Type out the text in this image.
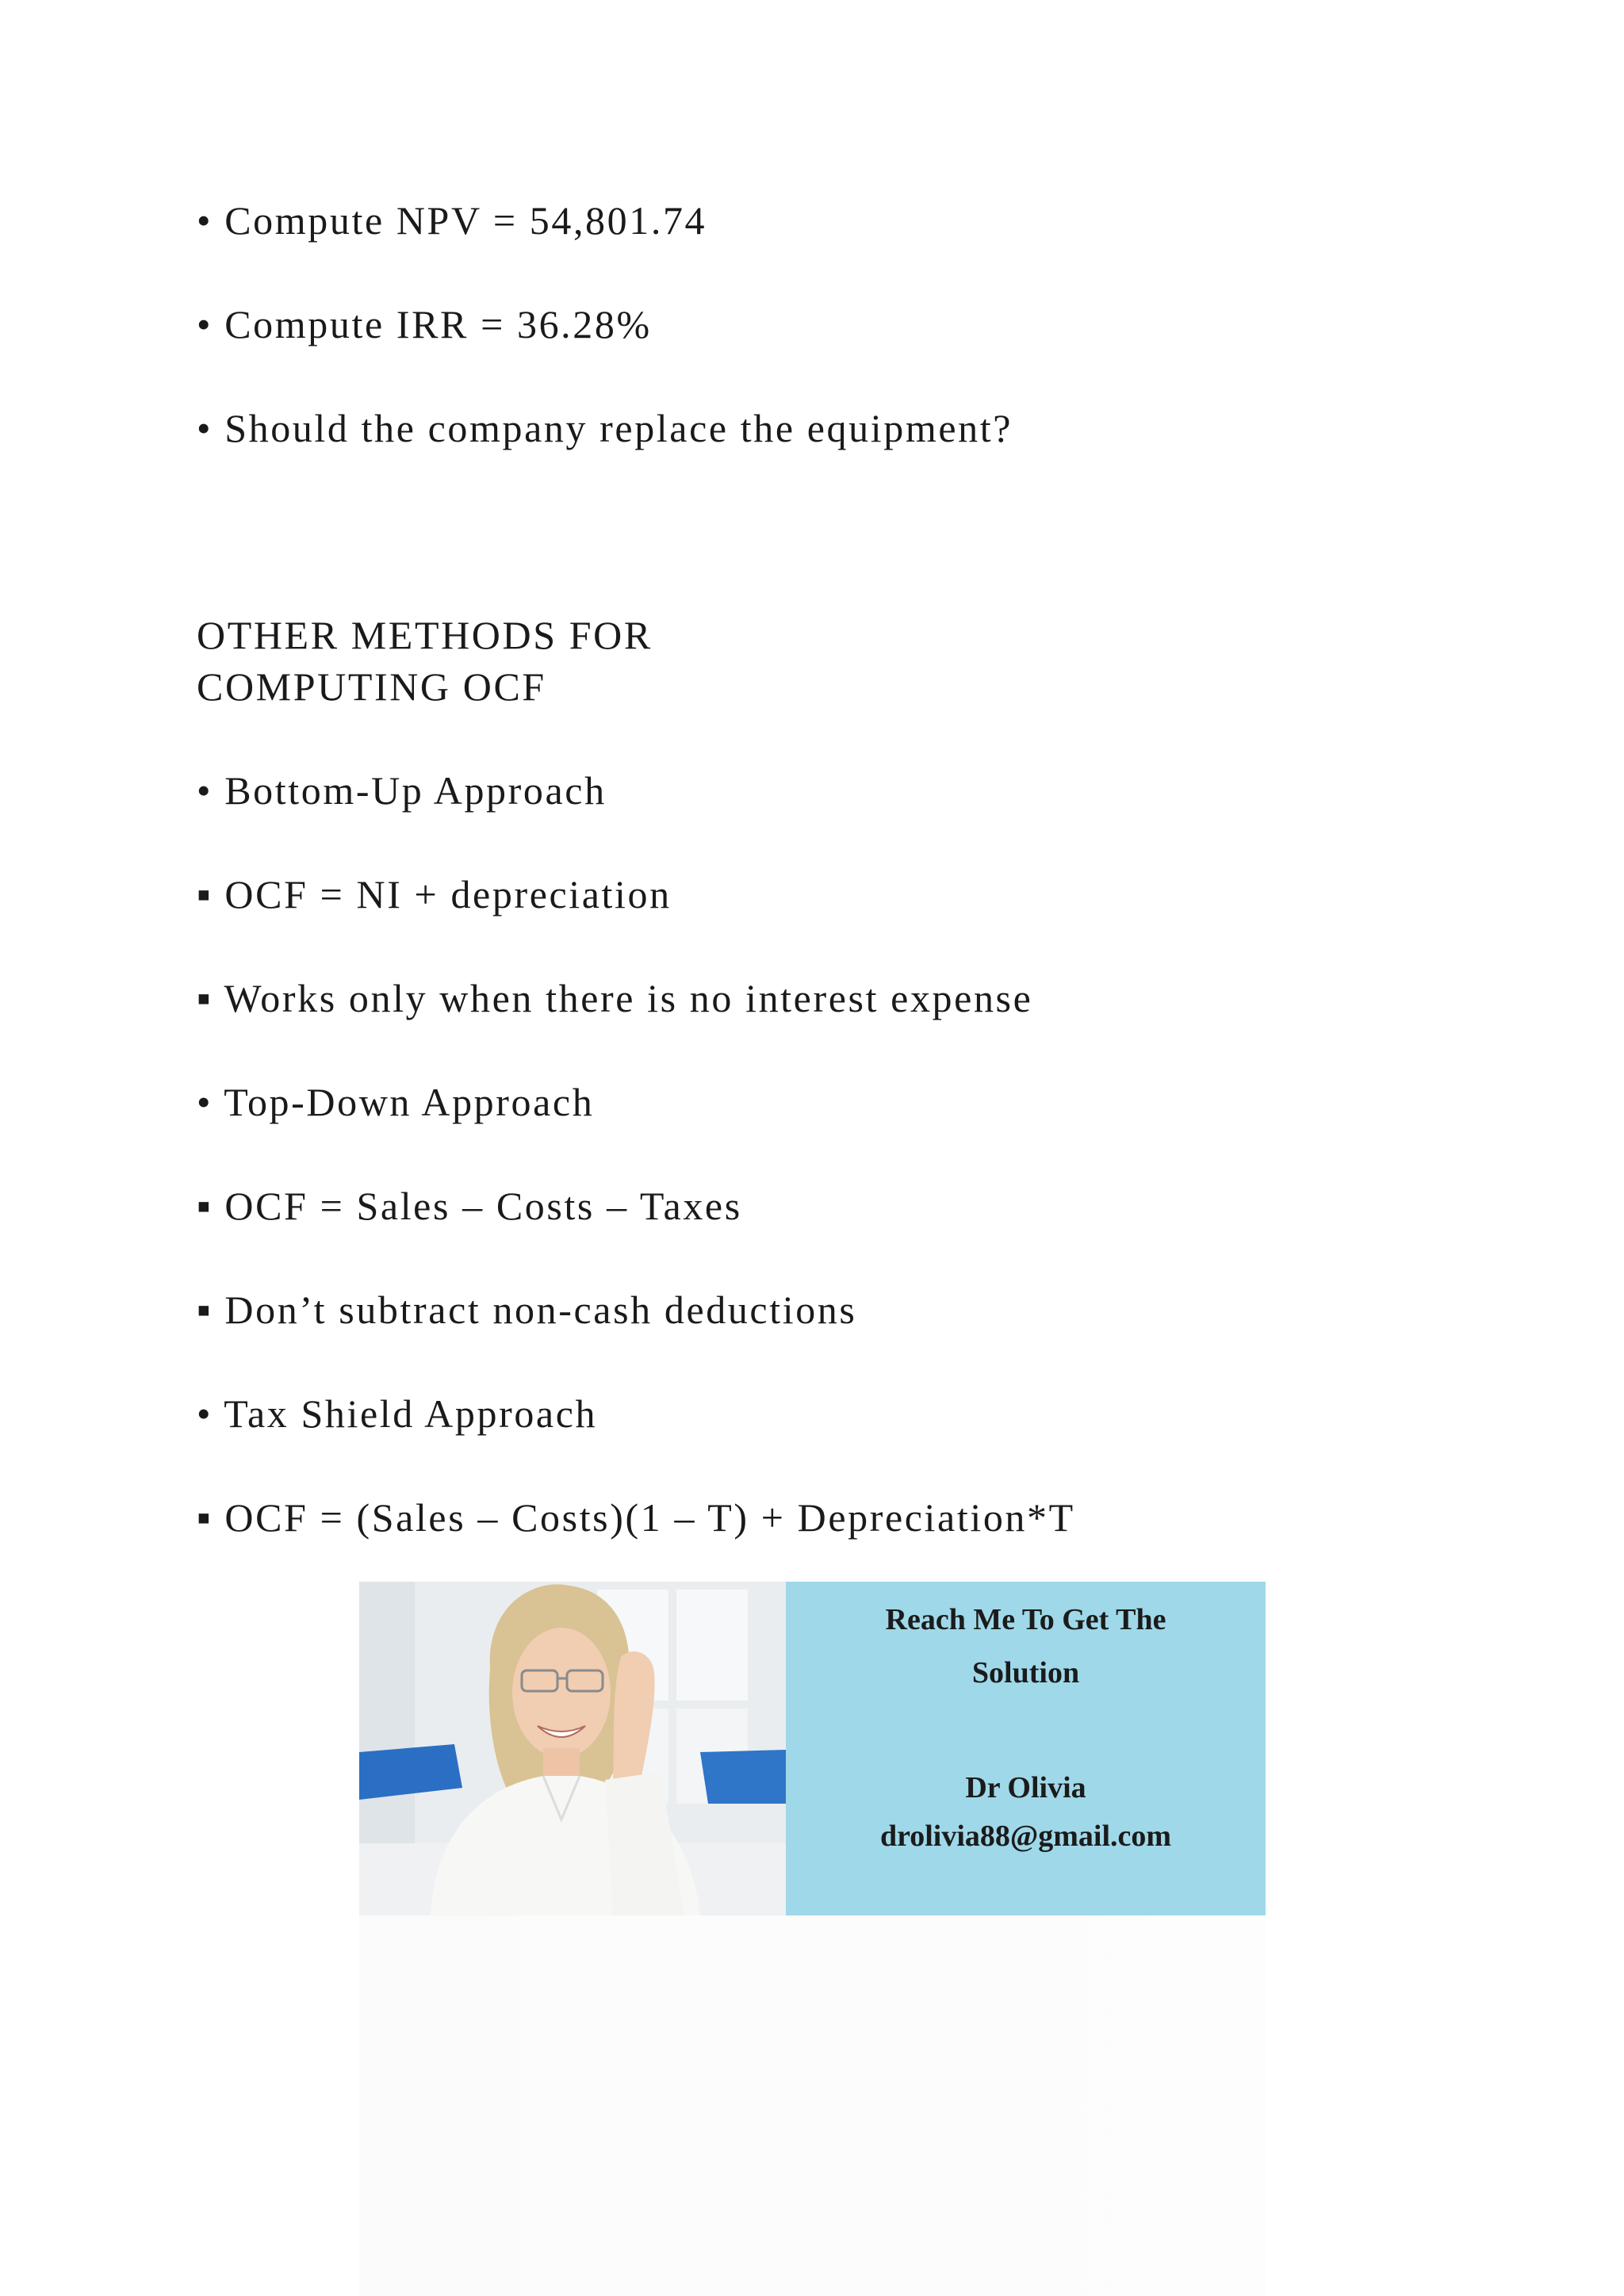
• Compute NPV = 54,801.74
• Compute IRR = 36.28%
• Should the company replace the equipment?
OTHER METHODS FOR
COMPUTING OCF
• Bottom-Up Approach
▪ OCF = NI + depreciation
▪ Works only when there is no interest expense
• Top-Down Approach
▪ OCF = Sales – Costs – Taxes
▪ Don’t subtract non-cash deductions
• Tax Shield Approach
▪ OCF = (Sales – Costs)(1 – T) + Depreciation*T
Reach Me To Get The
Solution
Dr Olivia
drolivia88@gmail.com
